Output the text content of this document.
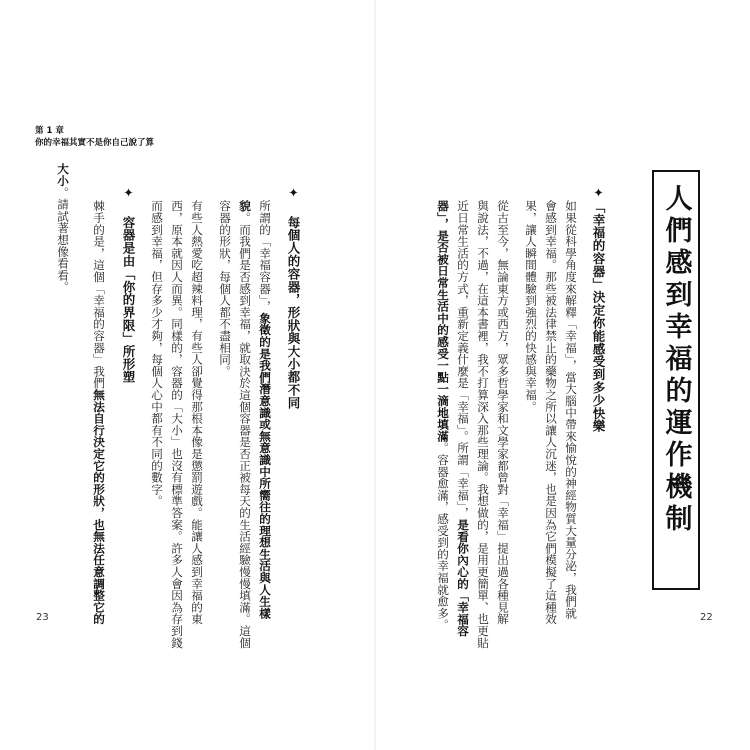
第 1 章
你的幸福其實不是你自己說了算
✦ 每個人的容器，形狀與大小都不同
所謂的「幸福容器」，象徵的是我們潛意識或無意識中所嚮往的理想生活與人生樣
貌。而我們是否感到幸福，就取決於這個容器是否正被每天的生活經驗慢慢填滿。這個
容器的形狀，每個人都不盡相同。
有些人熱愛吃超辣料理，有些人卻覺得那根本像是懲罰遊戲。能讓人感到幸福的東
西，原本就因人而異。同樣的，容器的「大小」也沒有標準答案。許多人會因為存到錢
而感到幸福，但存多少才夠，每個人心中都有不同的數字。
✦ 容器是由「你的界限」所形塑
棘手的是，這個「幸福的容器」我們無法自行決定它的形狀，也無法任意調整它的
大小。請試著想像看看。
23
✦「幸福的容器」決定你能感受到多少快樂
如果從科學角度來解釋「幸福」，當大腦中帶來愉悅的神經物質大量分泌，我們就
會感到幸福。那些被法律禁止的藥物之所以讓人沉迷，也是因為它們模擬了這種效
果，讓人瞬間體驗到強烈的快感與幸福。
從古至今，無論東方或西方，眾多哲學家和文學家都曾對「幸福」提出過各種見解
與說法，不過，在這本書裡，我不打算深入那些理論。我想做的，是用更簡單、也更貼
近日常生活的方式，重新定義什麼是「幸福」。所謂「幸福」，是看你內心的「幸福容
器」，是否被日常生活中的感受一點一滴地填滿。容器愈滿，感受到的幸福就愈多。
人們感到幸福的運作機制
22
